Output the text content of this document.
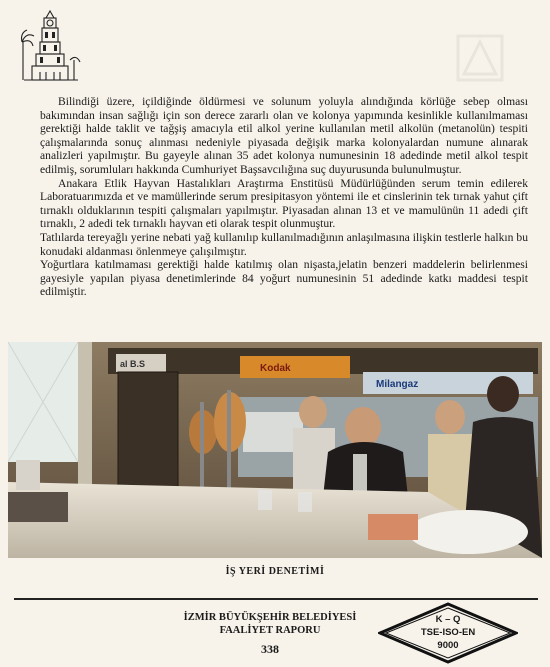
Bilindiği üzere, içildiğinde öldürmesi ve solunum yoluyla alındığında körlüğe sebep olması bakımından insan sağlığı için son derece zararlı olan ve kolonya yapımında kesinlikle kullanılmaması gerektiği halde taklit ve tağşiş amacıyla etil alkol yerine kullanılan metil alkolün (metanolün) tespiti çalışmalarında sonuç alınması nedeniyle piyasada değişik marka kolonyalardan numune alınarak analizleri yapılmıştır. Bu gayeyle alınan 35 adet kolonya numunesinin 18 adedinde metil alkol tespit edilmiş, sorumluları hakkında Cumhuriyet Başsavcılığına suç duyurusunda bulunulmuştur.

Anakara Etlik Hayvan Hastalıkları Araştırma Enstitüsü Müdürlüğünden serum temin edilerek Laboratuarımızda et ve mamüllerinde serum presipitasyon yöntemi ile et cinslerinin tek tırnak yahut çift tırnaklı olduklarının tespiti çalışmaları yapılmıştır. Piyasadan alınan 13 et ve mamulünün 11 adedi çift tırnaklı, 2 adedi tek tırnaklı hayvan eti olarak tespit olunmuştur.

Tatlılarda tereyağlı yerine nebati yağ kullanılıp kullanılmadığının anlaşılmasına ilişkin testlerle halkın bu konudaki aldanması önlenmeye çalışılmıştır.

Yoğurtlara katılmaması gerektiği halde katılmış olan nişasta,jelatin benzeri maddelerin belirlenmesi gayesiyle yapılan piyasa denetimlerinde 84 yoğurt numunesinin 51 adedinde katkı maddesi tespit edilmiştir.

Kodak
Milangaz
al B.S
İŞ YERİ DENETİMİ
İZMİR BÜYÜKŞEHİR BELEDİYESİ
FAALİYET RAPORU
338
K – Q
TSE-ISO-EN
9000
